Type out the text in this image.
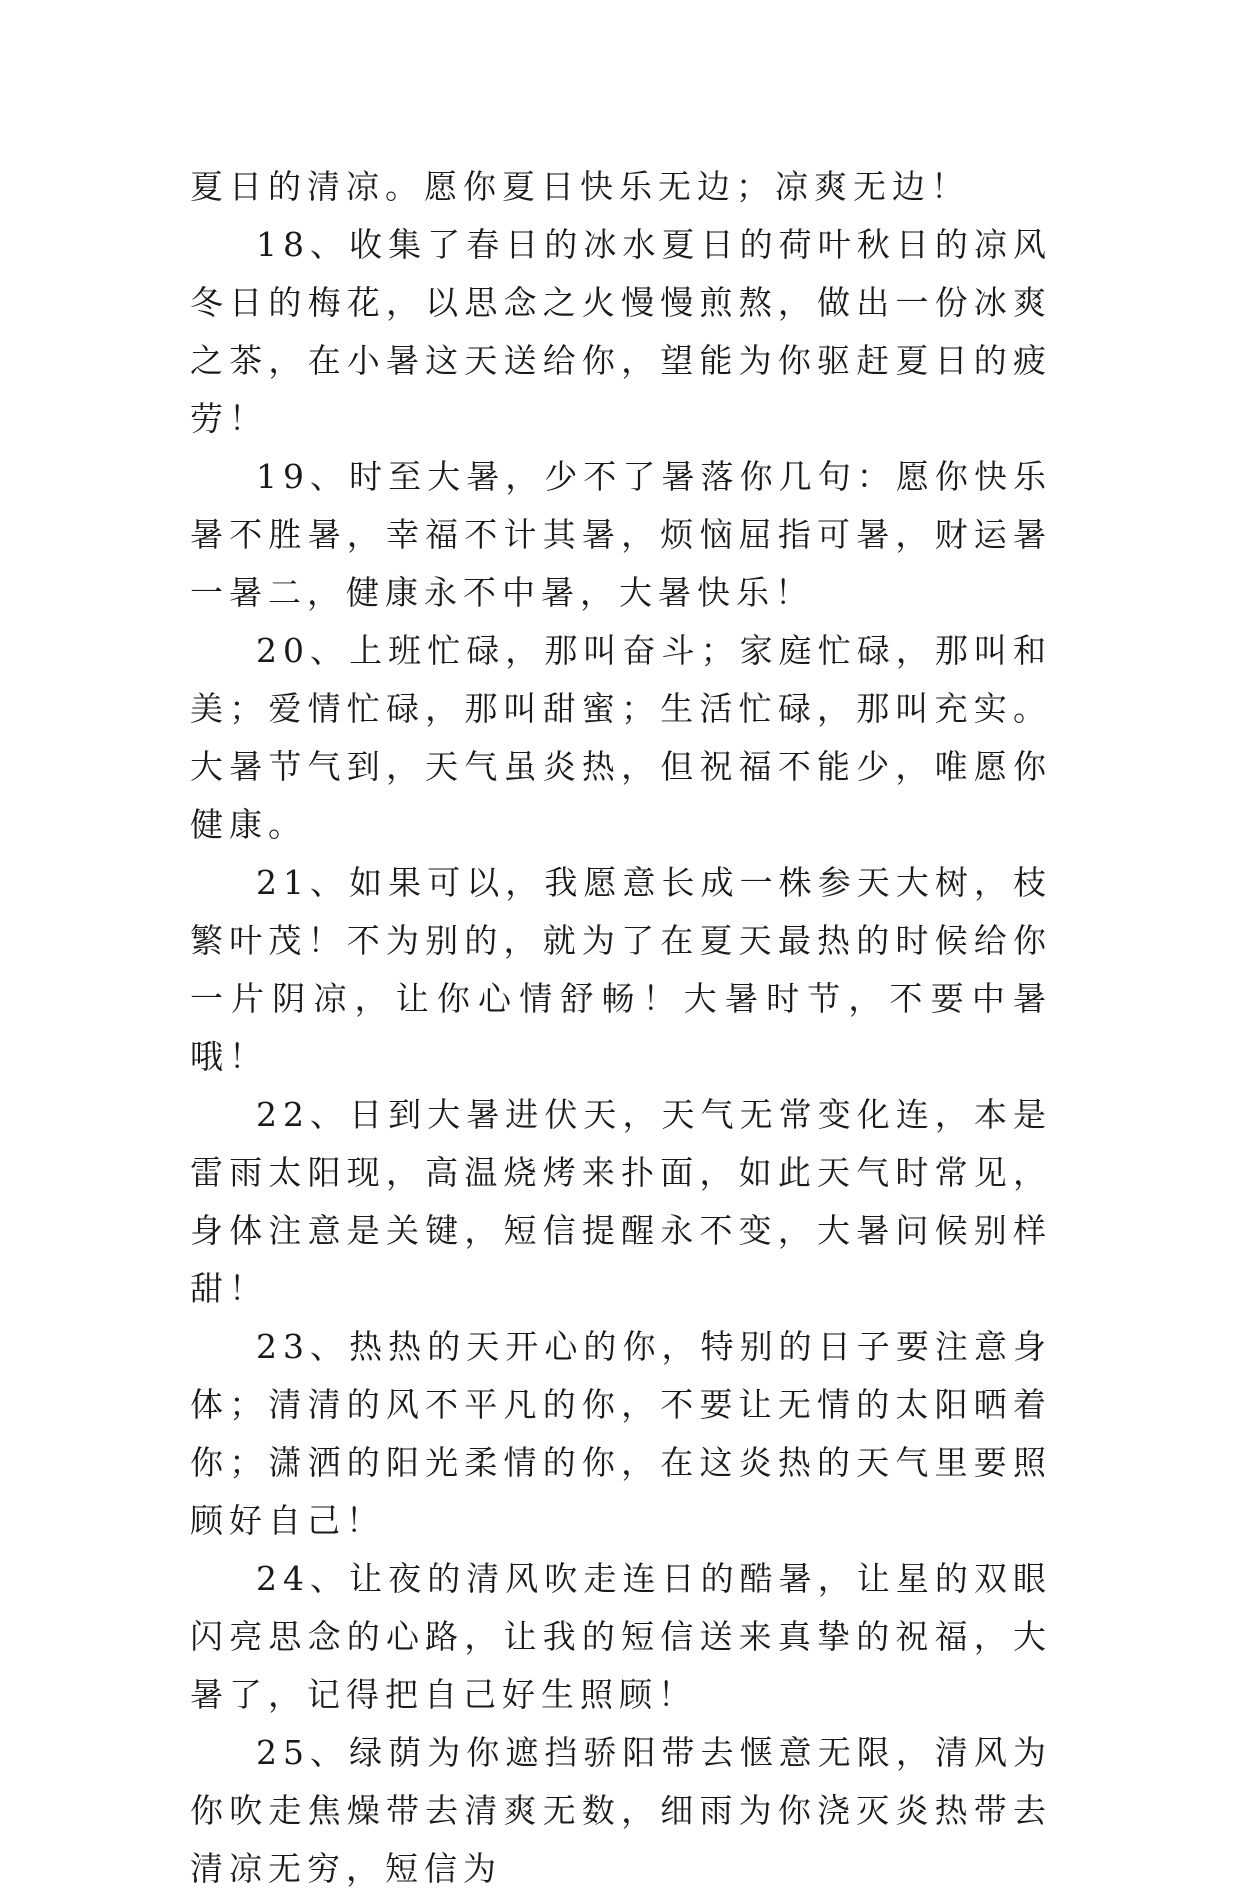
夏日的清凉。愿你夏日快乐无边；凉爽无边！

18、收集了春日的冰水夏日的荷叶秋日的凉风冬日的梅花，以思念之火慢慢煎熬，做出一份冰爽之茶，在小暑这天送给你，望能为你驱赶夏日的疲劳！

19、时至大暑，少不了暑落你几句：愿你快乐暑不胜暑，幸福不计其暑，烦恼屈指可暑，财运暑一暑二，健康永不中暑，大暑快乐！

20、上班忙碌，那叫奋斗；家庭忙碌，那叫和美；爱情忙碌，那叫甜蜜；生活忙碌，那叫充实。大暑节气到，天气虽炎热，但祝福不能少，唯愿你健康。

21、如果可以，我愿意长成一株参天大树，枝繁叶茂！不为别的，就为了在夏天最热的时候给你一片阴凉，让你心情舒畅！大暑时节，不要中暑哦！

22、日到大暑进伏天，天气无常变化连，本是雷雨太阳现，高温烧烤来扑面，如此天气时常见，身体注意是关键，短信提醒永不变，大暑问候别样甜！

23、热热的天开心的你，特别的日子要注意身体；清清的风不平凡的你，不要让无情的太阳晒着你；潇洒的阳光柔情的你，在这炎热的天气里要照顾好自己！

24、让夜的清风吹走连日的酷暑，让星的双眼闪亮思念的心路，让我的短信送来真挚的祝福，大暑了，记得把自己好生照顾！

25、绿荫为你遮挡骄阳带去惬意无限，清风为你吹走焦燥带去清爽无数，细雨为你浇灭炎热带去清凉无穷，短信为
